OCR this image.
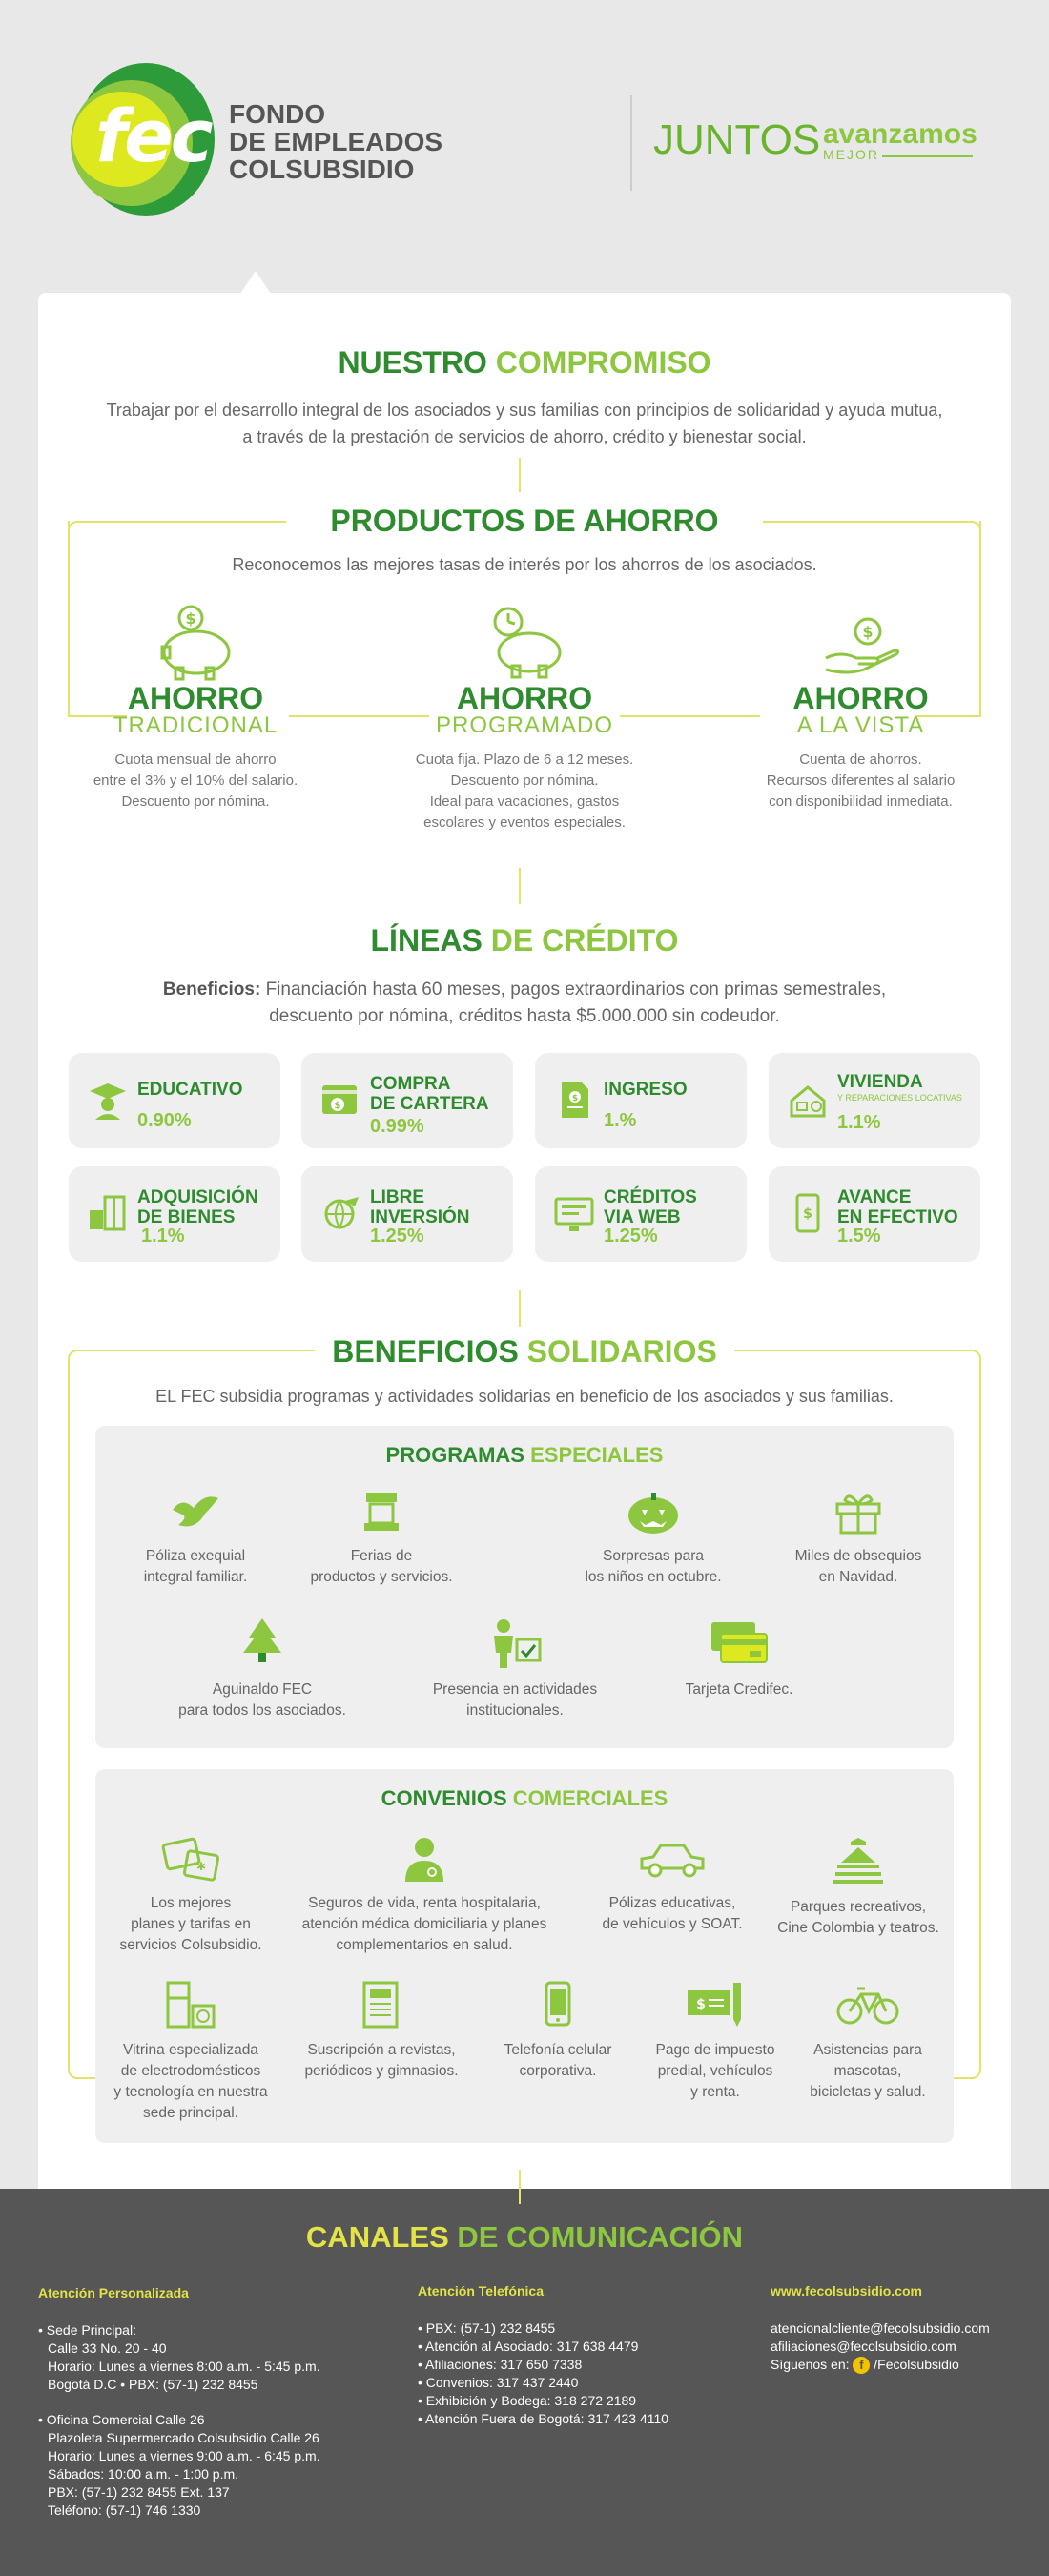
fec FONDO
DE EMPLEADOS
COLSUBSIDIO
JUNTOS avanzamos
MEJOR
NUESTRO COMPROMISO
Trabajar por el desarrollo integral de los asociados y sus familias con principios de solidaridad y ayuda mutua,
a través de la prestación de servicios de ahorro, crédito y bienestar social.
PRODUCTOS DE AHORRO
Reconocemos las mejores tasas de interés por los ahorros de los asociados.
$
AHORRO
TRADICIONAL
Cuota mensual de ahorro
entre el 3% y el 10% del salario.
Descuento por nómina.
AHORRO
PROGRAMADO
Cuota fija. Plazo de 6 a 12 meses.
Descuento por nómina.
Ideal para vacaciones, gastos
escolares y eventos especiales.
$
AHORRO
A LA VISTA
Cuenta de ahorros.
Recursos diferentes al salario
con disponibilidad inmediata.
LÍNEAS DE CRÉDITO
Beneficios: Financiación hasta 60 meses, pagos extraordinarios con primas semestrales,
descuento por nómina, créditos hasta $5.000.000 sin codeudor.
EDUCATIVO
0.90%
$
COMPRA
DE CARTERA
0.99%
$ INGRESO
1.%
VIVIENDA
Y REPARACIONES LOCATIVAS
1.1%
ADQUISICIÓN
DE BIENES
1.1%
LIBRE
INVERSIÓN
1.25%
CRÉDITOS
VIA WEB
1.25%
$
AVANCE
EN EFECTIVO
1.5%
BENEFICIOS SOLIDARIOS
EL FEC subsidia programas y actividades solidarias en beneficio de los asociados y sus familias.
PROGRAMAS ESPECIALES
Póliza exequial
integral familiar.
Ferias de
productos y servicios.
Sorpresas para
los niños en octubre.
Miles de obsequios
en Navidad.
Aguinaldo FEC
para todos los asociados.
Presencia en actividades
institucionales.
Tarjeta Credifec.
CONVENIOS COMERCIALES
✱
Los mejores
planes y tarifas en
servicios Colsubsidio.
Seguros de vida, renta hospitalaria,
atención médica domiciliaria y planes
complementarios en salud.
Pólizas educativas,
de vehículos y SOAT.
Parques recreativos,
Cine Colombia y teatros.
Vitrina especializada
de electrodomésticos
y tecnología en nuestra
sede principal.
Suscripción a revistas,
periódicos y gimnasios.
Telefonía celular
corporativa.
$
Pago de impuesto
predial, vehículos
y renta.
Asistencias para
mascotas,
bicicletas y salud.
CANALES DE COMUNICACIÓN
Atención Personalizada
• Sede Principal:
Calle 33 No. 20 - 40
Horario: Lunes a viernes 8:00 a.m. - 5:45 p.m.
Bogotá D.C • PBX: (57-1) 232 8455
• Oficina Comercial Calle 26
Plazoleta Supermercado Colsubsidio Calle 26
Horario: Lunes a viernes 9:00 a.m. - 6:45 p.m.
Sábados: 10:00 a.m. - 1:00 p.m.
PBX: (57-1) 232 8455 Ext. 137
Teléfono: (57-1) 746 1330
Atención Telefónica
• PBX: (57-1) 232 8455
• Atención al Asociado: 317 638 4479
• Afiliaciones: 317 650 7338
• Convenios: 317 437 2440
• Exhibición y Bodega: 318 272 2189
• Atención Fuera de Bogotá: 317 423 4110
www.fecolsubsidio.com
atencionalcliente@fecolsubsidio.com
afiliaciones@fecolsubsidio.com
Síguenos en: f /Fecolsubsidio
